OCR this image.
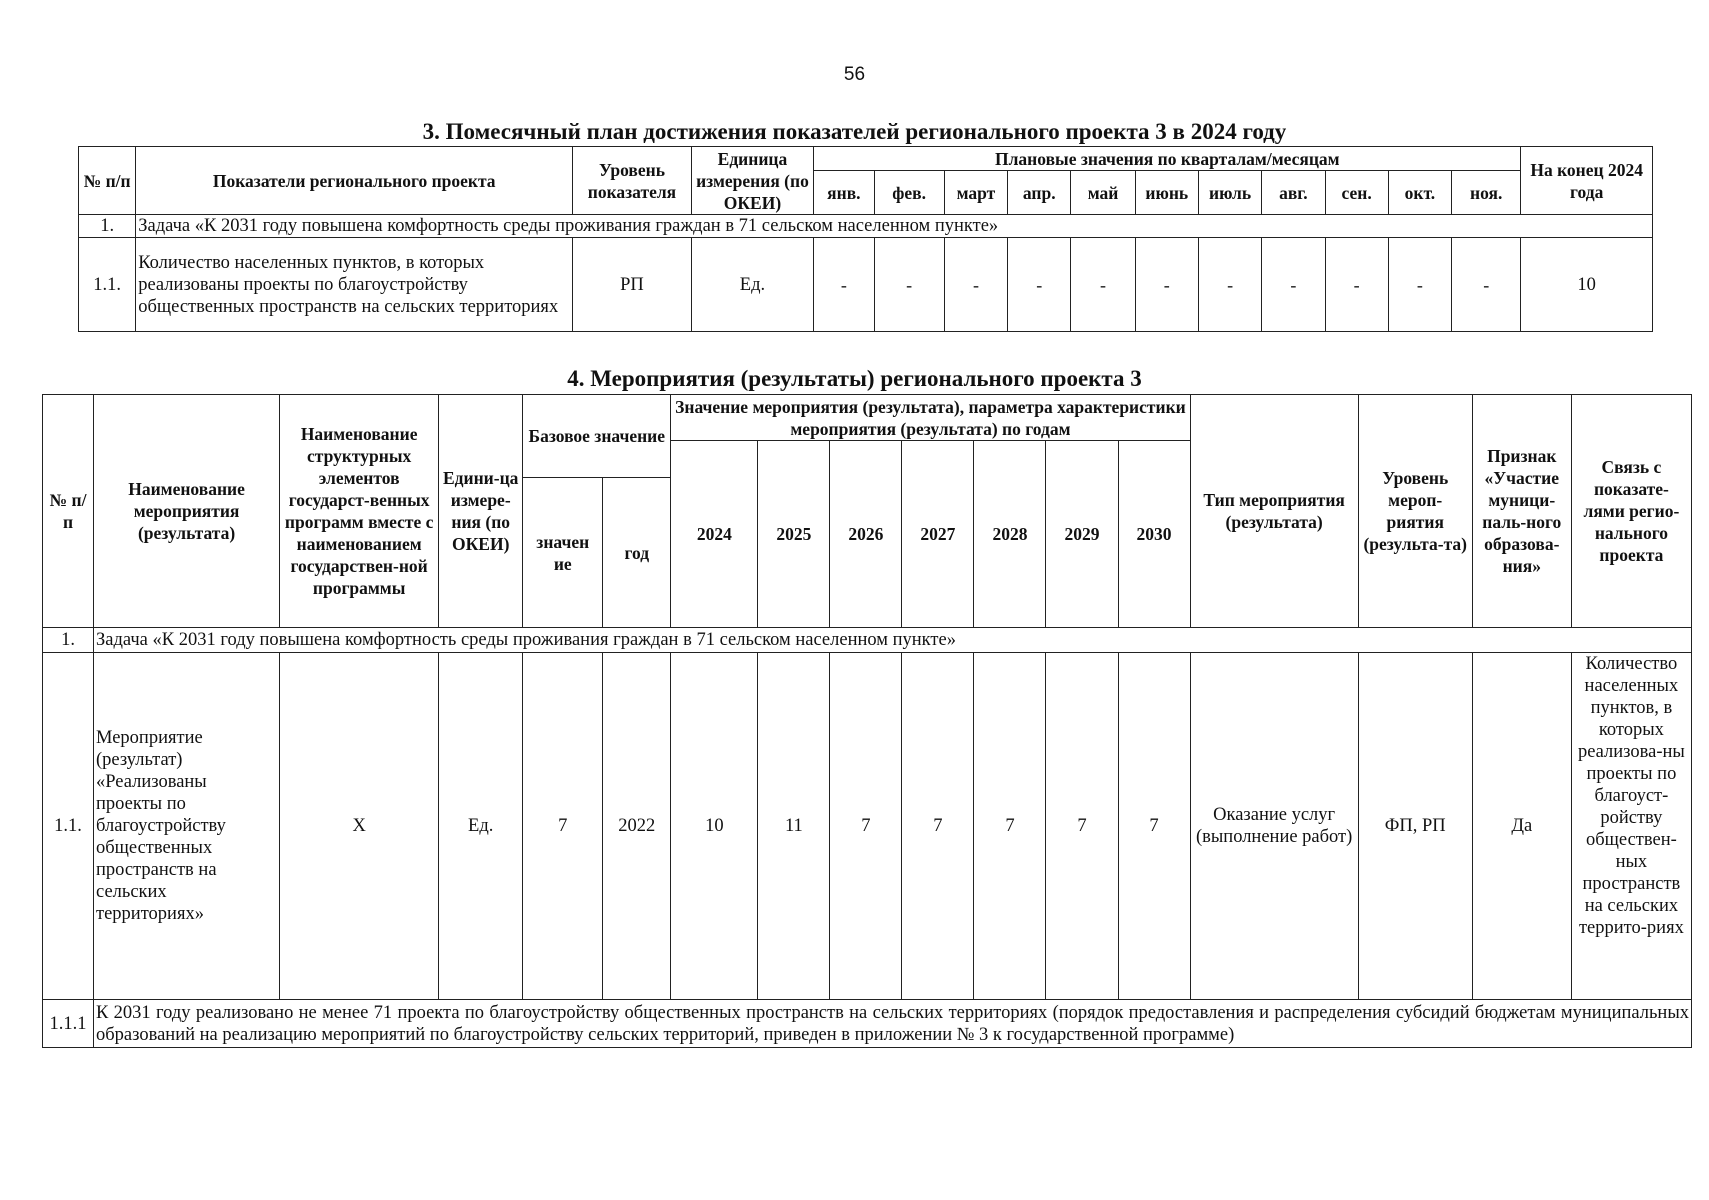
56
3. Помесячный план достижения показателей регионального проекта 3 в 2024 году
№ п/п	Показатели регионального проекта	Уровень показателя	Единица измерения (по ОКЕИ)	Плановые значения по кварталам/месяцам											На конец 2024 года
				янв.	фев.	март	апр.	май	июнь	июль	авг.	сен.	окт.	ноя.	
1.	Задача «К 2031 году повышена комфортность среды проживания граждан в 71 сельском населенном пункте»														
1.1.	Количество населенных пунктов, в которых реализованы проекты по благоустройству общественных пространств на сельских территориях	РП	Ед.	-	-	-	-	-	-	-	-	-	-	-	10
4. Мероприятия (результаты) регионального проекта 3
№ п/п	Наименование мероприятия (результата)	Наименование структурных элементов государст-венных программ вместе с наименованием государствен-ной программы	Едини-ца измере-ния (по ОКЕИ)	Базовое значение		Значение мероприятия (результата), параметра характеристики мероприятия (результата) по годам							Тип мероприятия (результата)	Уровень мероп-риятия (результа-та)	Признак «Участие муници-паль-ного образова-ния»	Связь с показате-лями регио-нального проекта
						2024	2025	2026	2027	2028	2029	2030				
				значен ие	год											
1.	Задача «К 2031 году повышена комфортность среды проживания граждан в 71 сельском населенном пункте»															
1.1.	Мероприятие (результат) «Реализованы проекты по благоустройству общественных пространств на сельских территориях»	Х	Ед.	7	2022	10	11	7	7	7	7	7	Оказание услуг (выполнение работ)	ФП, РП	Да	Количество населенных пунктов, в которых реализова-ны проекты по благоуст-ройству обществен-ных пространств на сельских террито-риях
1.1.1	К 2031 году реализовано не менее 71 проекта по благоустройству общественных пространств на сельских территориях (порядок предоставления и распределения субсидий бюджетам муниципальных образований на реализацию мероприятий по благоустройству сельских территорий, приведен в приложении № 3 к государственной программе)															
